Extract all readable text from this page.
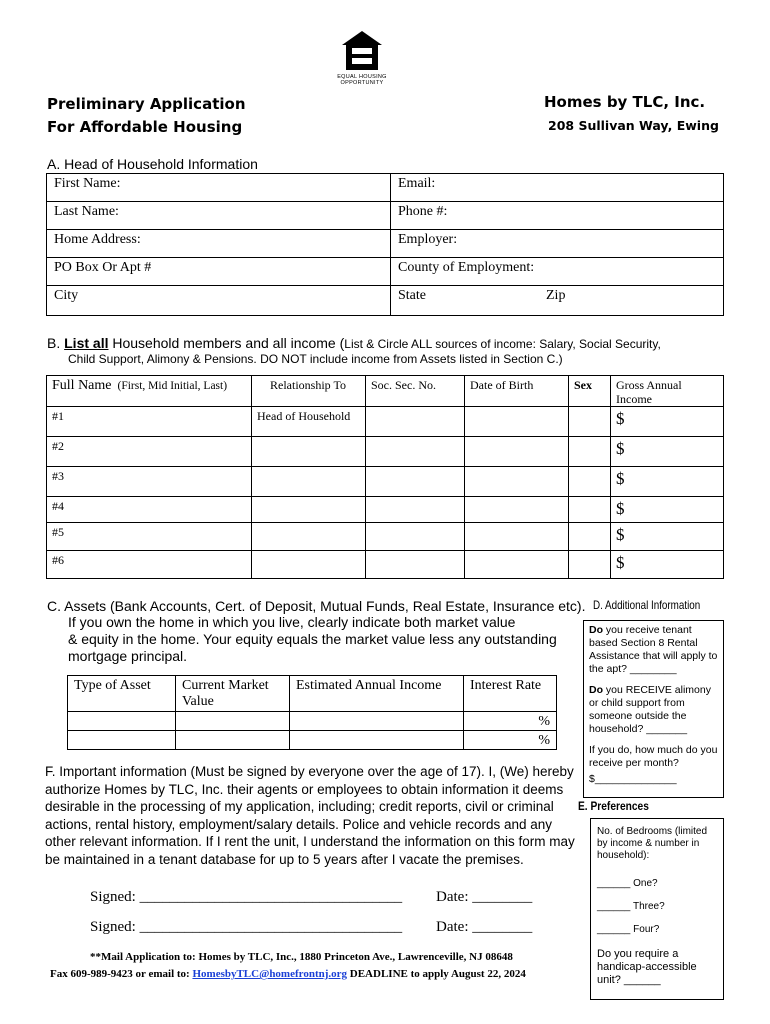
EQUAL HOUSING
OPPORTUNITY
Preliminary Application
For Affordable Housing
Homes by TLC, Inc.
208 Sullivan Way, Ewing
A. Head of Household Information
First Name:	Email:
Last Name:	Phone #:
Home Address:	Employer:
PO Box Or Apt #	County of Employment:
City	State Zip
B. List all Household members and all income (List & Circle ALL sources of income: Salary, Social Security,
Child Support, Alimony & Pensions. DO NOT include income from Assets listed in Section C.)
Full Name (First, Mid Initial, Last)	Relationship To	Soc. Sec. No.	Date of Birth	Sex	Gross Annual Income
#1	Head of Household				$
#2					$
#3					$
#4					$
#5					$
#6					$
C. Assets (Bank Accounts, Cert. of Deposit, Mutual Funds, Real Estate, Insurance etc).
If you own the home in which you live, clearly indicate both market value
& equity in the home. Your equity equals the market value less any outstanding
mortgage principal.
Type of Asset	Current Market Value	Estimated Annual Income	Interest Rate
			%
			%
D. Additional Information
Do you receive tenant based Section 8 Rental Assistance that will apply to the apt? ________
Do you RECEIVE alimony or child support from someone outside the household? _______
If you do, how much do you receive per month?
$______________
E. Preferences
No. of Bedrooms (limited by income & number in household):
______ One?
______ Three?
______ Four?
Do you require a handicap-accessible unit? ______
F. Important information (Must be signed by everyone over the age of 17). I, (We) hereby authorize Homes by TLC, Inc. their agents or employees to obtain information it deems desirable in the processing of my application, including; credit reports, civil or criminal actions, rental history, employment/salary details. Police and vehicle records and any other relevant information. If I rent the unit, I understand the information on this form may be maintained in a tenant database for up to 5 years after I vacate the premises.
Signed: ___________________________________ Date: ________
Signed: ___________________________________ Date: ________
**Mail Application to: Homes by TLC, Inc., 1880 Princeton Ave., Lawrenceville, NJ 08648
Fax 609-989-9423 or email to: HomesbyTLC@homefrontnj.org DEADLINE to apply August 22, 2024
